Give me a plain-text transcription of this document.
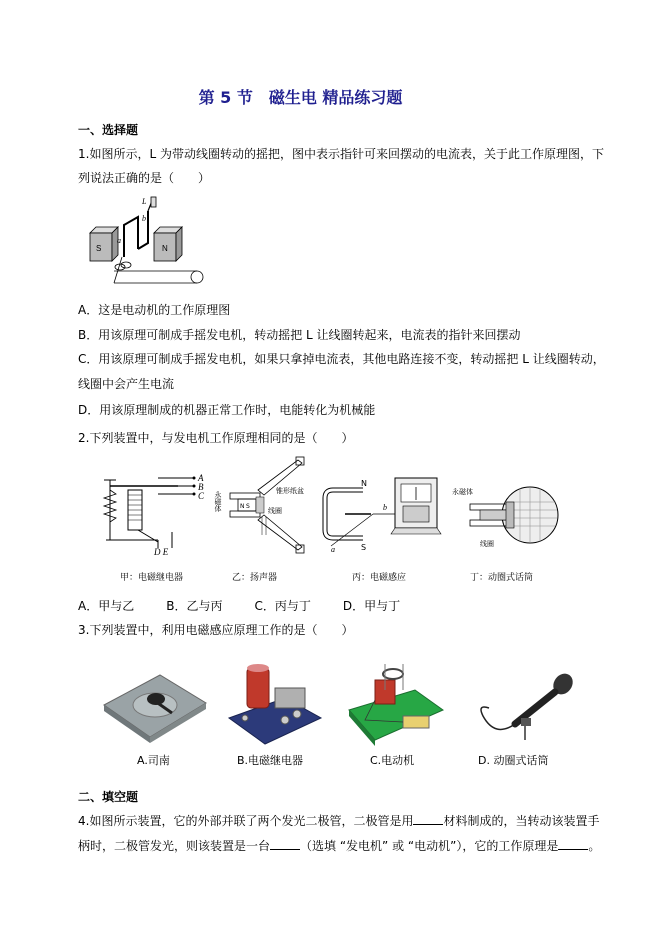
第 5 节　磁生电 精品练习题
一、选择题
1.如图所示，L 为带动线圈转动的摇把，图中表示指针可来回摆动的电流表，关于此工作原理图，下
列说法正确的是（　　）
L
b
a
S	N
A．这是电动机的工作原理图
B．用该原理可制成手摇发电机，转动摇把 L 让线圈转起来，电流表的指针来回摆动
C．用该原理可制成手摇发电机，如果只拿掉电流表，其他电路连接不变，转动摇把 L 让线圈转动，
线圈中会产生电流
D．用该原理制成的机器正常工作时，电能转化为机械能
2.下列装置中，与发电机工作原理相同的是（　　）
A
B
C
D E
永磁体	锥形纸盆
线圈
N S
N
S
a
b
永磁体
线圈
甲：电磁继电器	乙：扬声器	丙：电磁感应	丁：动圈式话筒
A．甲与乙	B．乙与丙	C．丙与丁	D．甲与丁
3.下列装置中，利用电磁感应原理工作的是（　　）
A.司南	B.电磁继电器	C.电动机	D. 动圈式话筒
二、填空题
4.如图所示装置，它的外部并联了两个发光二极管，二极管是用	材料制成的，当转动该装置手
柄时，二极管发光，则该装置是一台	（选填 “发电机” 或 “电动机”），它的工作原理是	。
